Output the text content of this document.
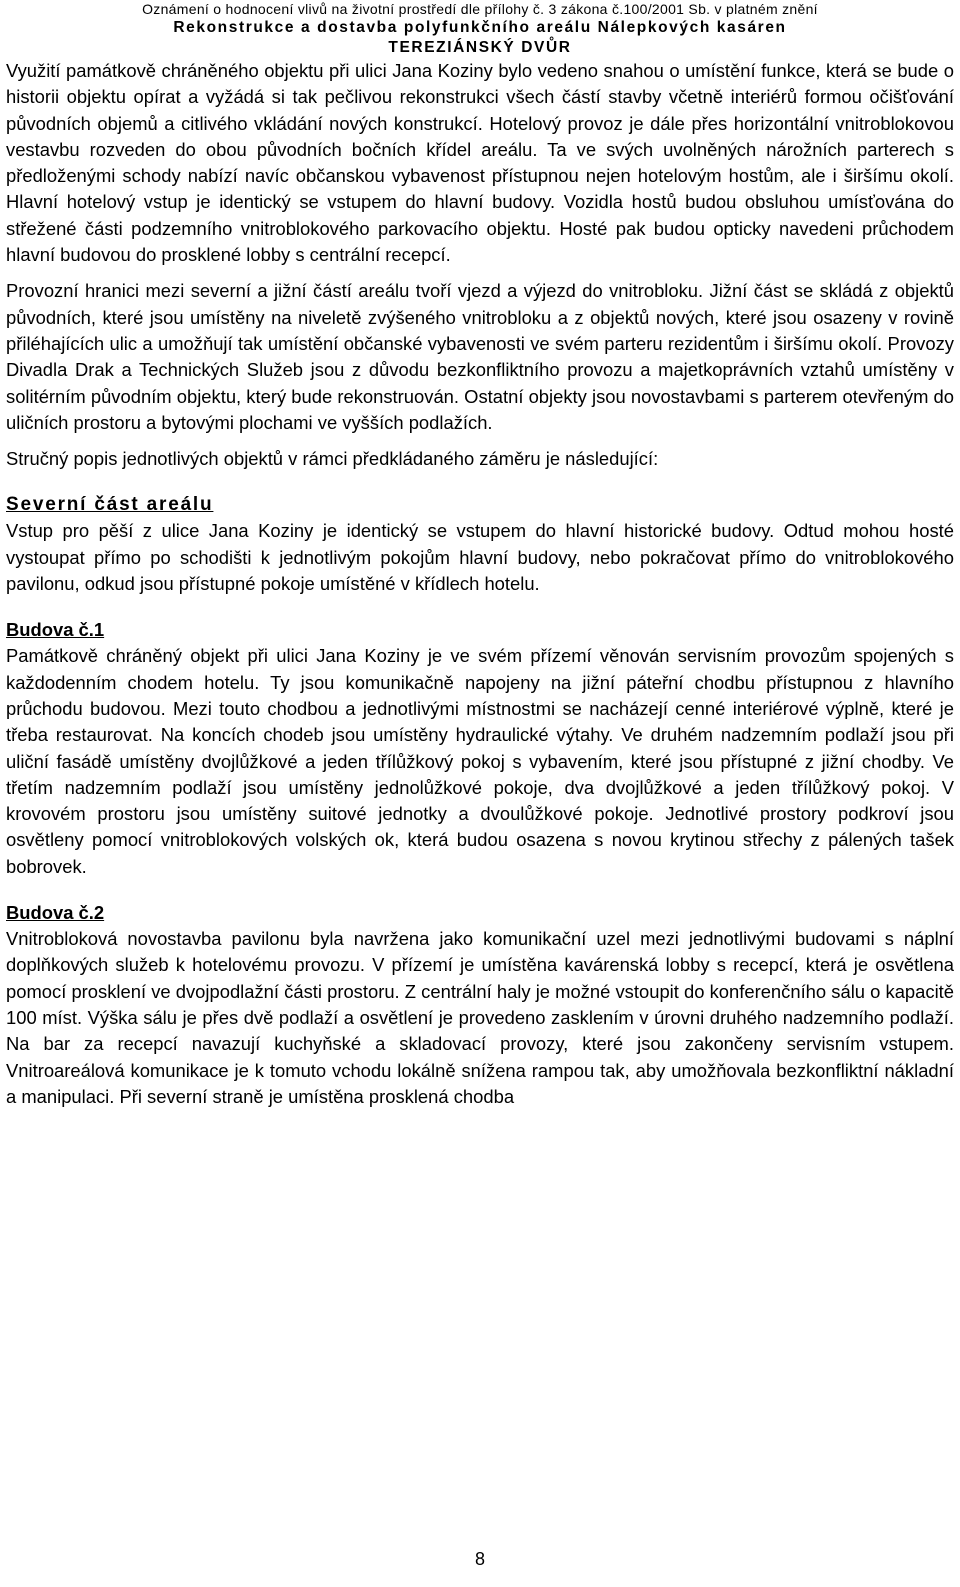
Oznámení o hodnocení vlivů na životní prostředí dle přílohy č. 3 zákona č.100/2001 Sb. v platném znění
Rekonstrukce a dostavba polyfunkčního areálu Nálepkových kasáren
TEREZIÁNSKÝ DVŮR

Využití památkově chráněného objektu při ulici Jana Koziny bylo vedeno snahou o umístění funkce, která se bude o historii objektu opírat a vyžádá si tak pečlivou rekonstrukci všech částí stavby včetně interiérů formou očišťování původních objemů a citlivého vkládání nových konstrukcí. Hotelový provoz je dále přes horizontální vnitroblokovou vestavbu rozveden do obou původních bočních křídel areálu. Ta ve svých uvolněných nárožních parterech s předloženými schody nabízí navíc občanskou vybavenost přístupnou nejen hotelovým hostům, ale i širšímu okolí. Hlavní hotelový vstup je identický se vstupem do hlavní budovy. Vozidla hostů budou obsluhou umísťována do střežené části podzemního vnitroblokového parkovacího objektu. Hosté pak budou opticky navedeni průchodem hlavní budovou do prosklené lobby s centrální recepcí.

Provozní hranici mezi severní a jižní částí areálu tvoří vjezd a výjezd do vnitrobloku. Jižní část se skládá z objektů původních, které jsou umístěny na niveletě zvýšeného vnitrobloku a z objektů nových, které jsou osazeny v rovině přiléhajících ulic a umožňují tak umístění občanské vybavenosti ve svém parteru rezidentům i širšímu okolí. Provozy Divadla Drak a Technických Služeb jsou z důvodu bezkonfliktního provozu a majetkoprávních vztahů umístěny v solitérním původním objektu, který bude rekonstruován. Ostatní objekty jsou novostavbami s parterem otevřeným do uličních prostoru a bytovými plochami ve vyšších podlažích.

Stručný popis jednotlivých objektů v rámci předkládaného záměru je následující:

Severní část areálu

Vstup pro pěší z ulice Jana Koziny je identický se vstupem do hlavní historické budovy. Odtud mohou hosté vystoupat přímo po schodišti k jednotlivým pokojům hlavní budovy, nebo pokračovat přímo do vnitroblokového pavilonu, odkud jsou přístupné pokoje umístěné v křídlech hotelu.

Budova č.1

Památkově chráněný objekt při ulici Jana Koziny je ve svém přízemí věnován servisním provozům spojených s každodenním chodem hotelu. Ty jsou komunikačně napojeny na jižní páteřní chodbu přístupnou z hlavního průchodu budovou. Mezi touto chodbou a jednotlivými místnostmi se nacházejí cenné interiérové výplně, které je třeba restaurovat. Na koncích chodeb jsou umístěny hydraulické výtahy. Ve druhém nadzemním podlaží jsou při uliční fasádě umístěny dvojlůžkové a jeden třílůžkový pokoj s vybavením, které jsou přístupné z jižní chodby. Ve třetím nadzemním podlaží jsou umístěny jednolůžkové pokoje, dva dvojlůžkové a jeden třílůžkový pokoj. V krovovém prostoru jsou umístěny suitové jednotky a dvoulůžkové pokoje. Jednotlivé prostory podkroví jsou osvětleny pomocí vnitroblokových volských ok, která budou osazena s novou krytinou střechy z pálených tašek bobrovek.

Budova č.2

Vnitrobloková novostavba pavilonu byla navržena jako komunikační uzel mezi jednotlivými budovami s náplní doplňkových služeb k hotelovému provozu. V přízemí je umístěna kavárenská lobby s recepcí, která je osvětlena pomocí prosklení ve dvojpodlažní části prostoru. Z centrální haly je možné vstoupit do konferenčního sálu o kapacitě 100 míst. Výška sálu je přes dvě podlaží a osvětlení je provedeno zasklením v úrovni druhého nadzemního podlaží. Na bar za recepcí navazují kuchyňské a skladovací provozy, které jsou zakončeny servisním vstupem. Vnitroareálová komunikace je k tomuto vchodu lokálně snížena rampou tak, aby umožňovala bezkonfliktní nákladní a manipulaci. Při severní straně je umístěna prosklená chodba

8
